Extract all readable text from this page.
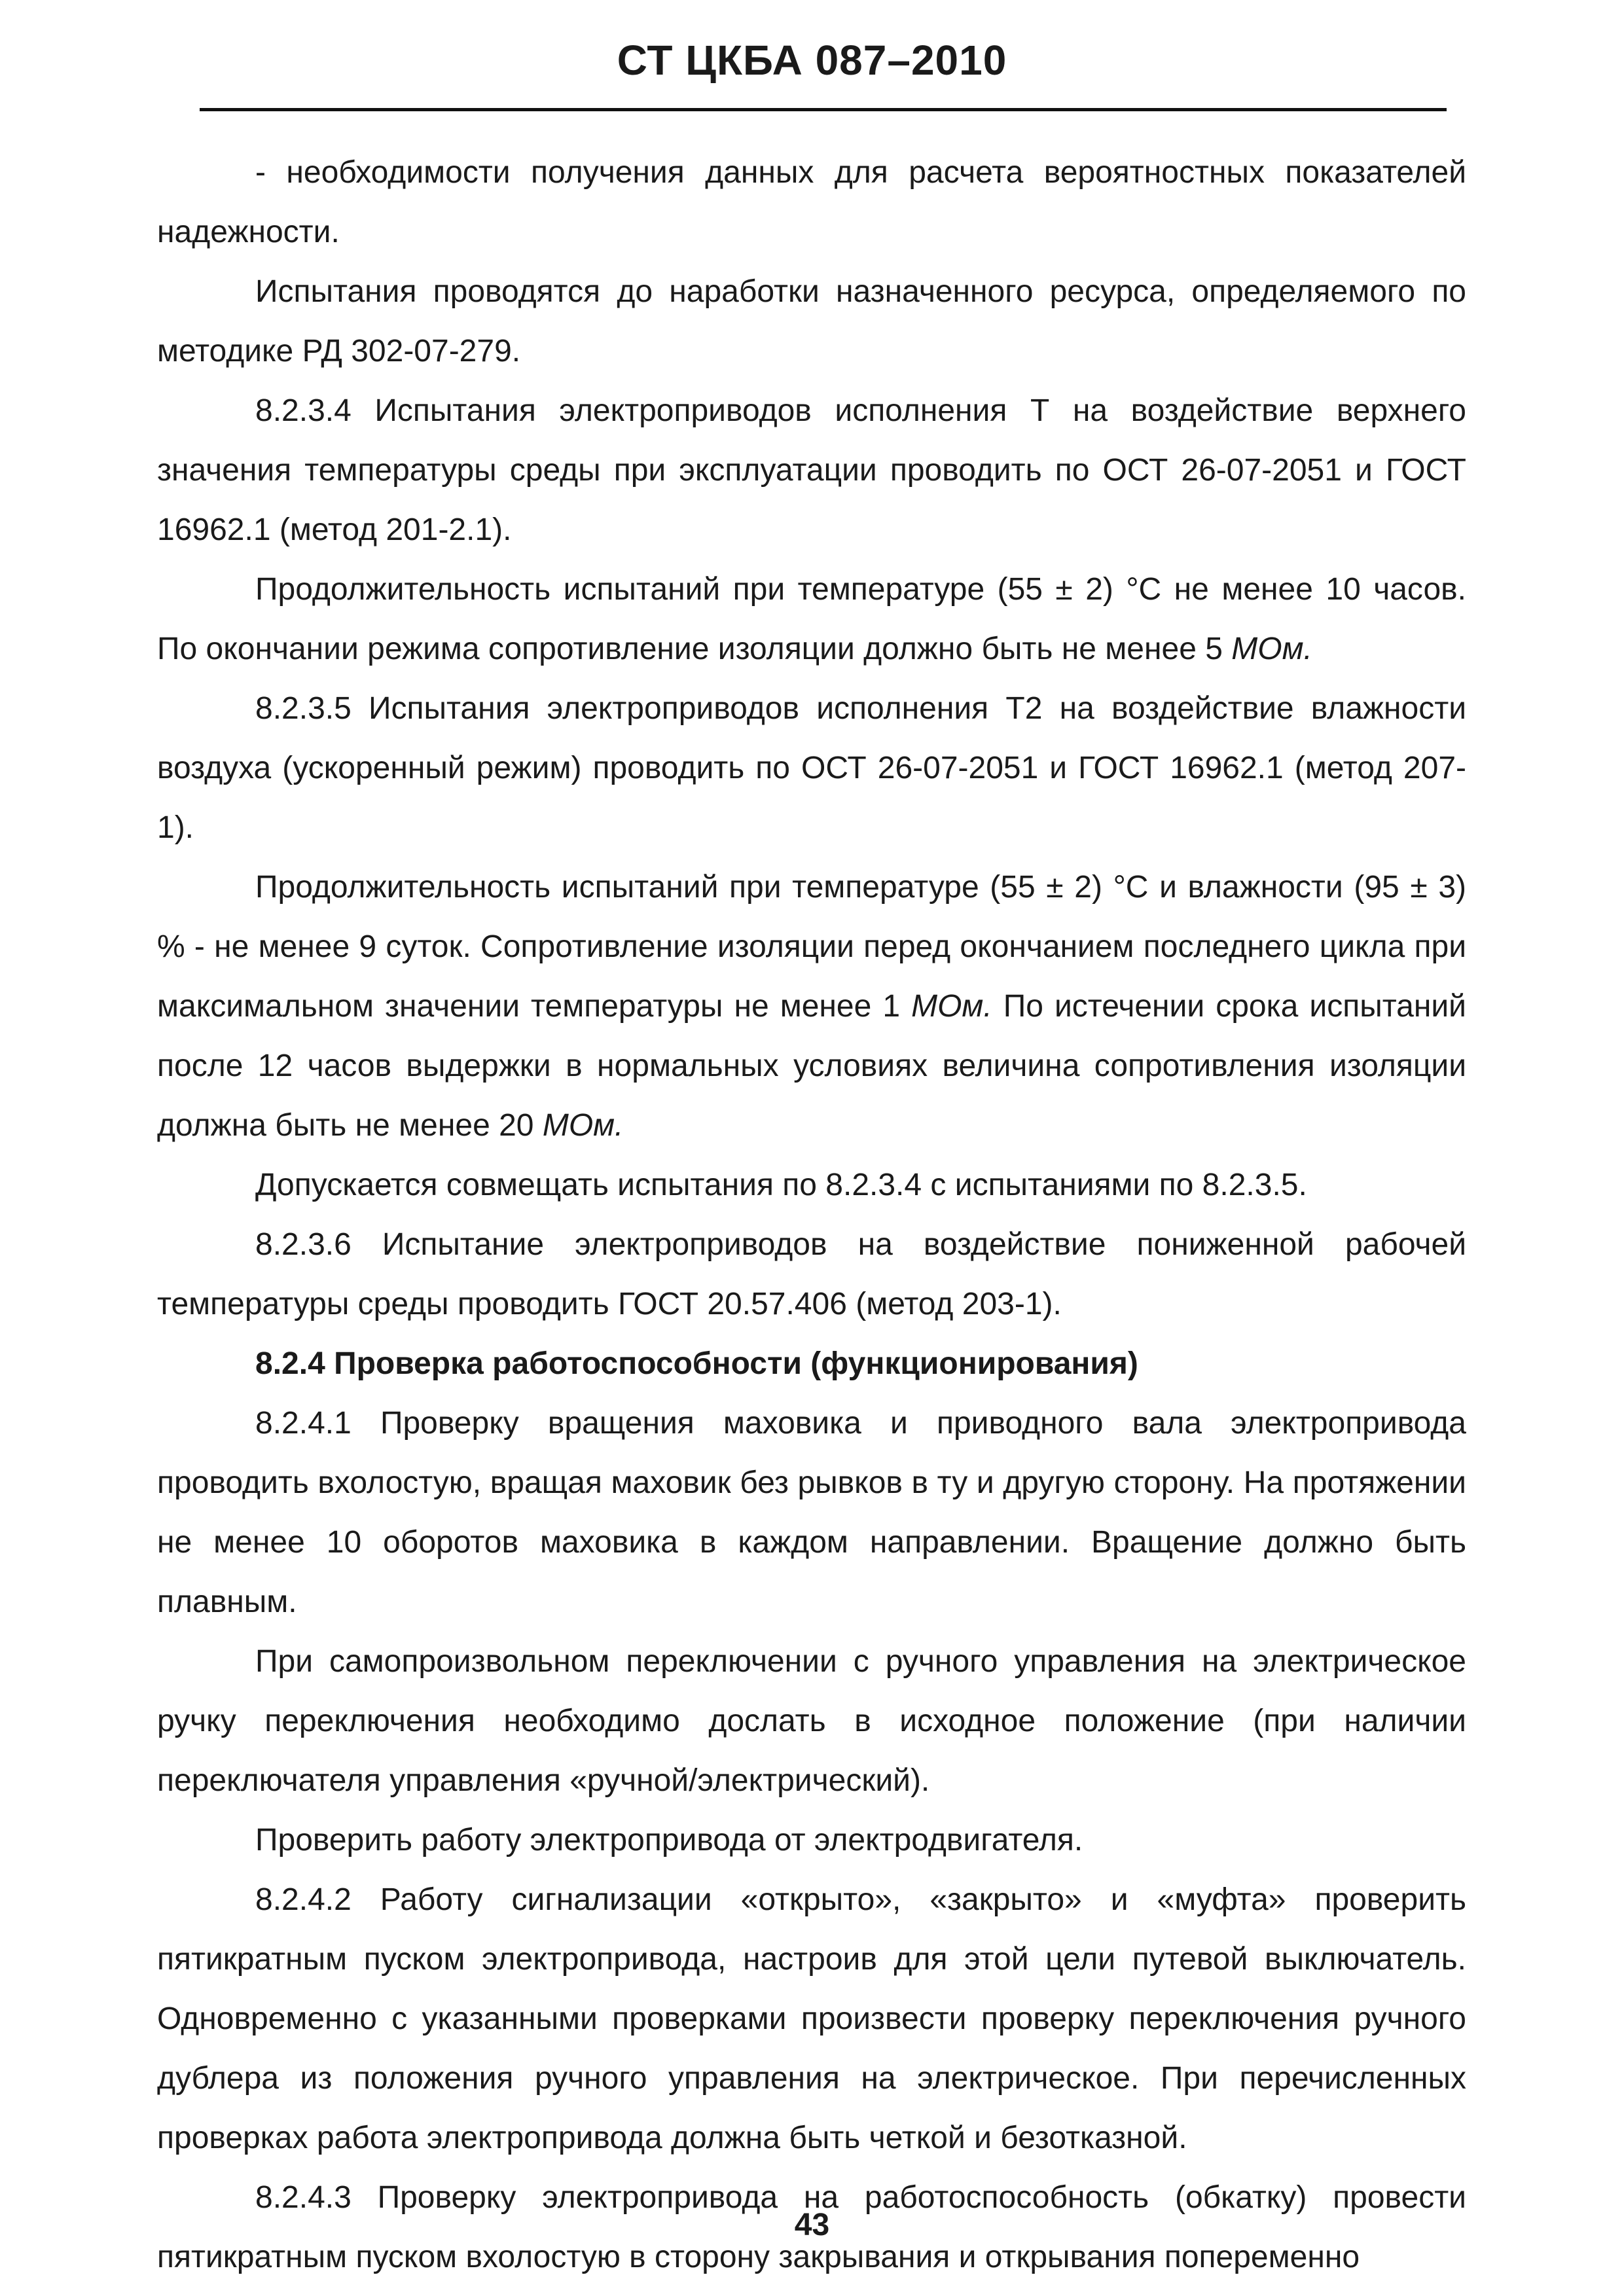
СТ ЦКБА 087–2010

- необходимости получения данных для расчета вероятностных показателей надежности.

Испытания проводятся до наработки назначенного ресурса, определяемого по методике РД 302-07-279.

8.2.3.4 Испытания электроприводов исполнения Т на воздействие верхнего значения температуры среды при эксплуатации проводить по ОСТ 26-07-2051 и ГОСТ 16962.1 (метод 201-2.1).

Продолжительность испытаний при температуре (55 ± 2) °С не менее 10 часов. По окончании режима сопротивление изоляции должно быть не менее 5 МОм.

8.2.3.5 Испытания электроприводов исполнения Т2 на воздействие влажности воздуха (ускоренный режим) проводить по ОСТ 26-07-2051 и ГОСТ 16962.1 (метод 207-1).

Продолжительность испытаний при температуре (55 ± 2) °С и влажности (95 ± 3) % - не менее 9 суток. Сопротивление изоляции перед окончанием последнего цикла при максимальном значении температуры не менее 1 МОм. По истечении срока испытаний после 12 часов выдержки в нормальных условиях величина сопротивления изоляции должна быть не менее 20 МОм.

Допускается совмещать испытания по 8.2.3.4 с испытаниями по 8.2.3.5.

8.2.3.6 Испытание электроприводов на воздействие пониженной рабочей температуры среды проводить ГОСТ 20.57.406 (метод 203-1).

8.2.4 Проверка работоспособности (функционирования)

8.2.4.1 Проверку вращения маховика и приводного вала электропривода проводить вхолостую, вращая маховик без рывков в ту и другую сторону. На протяжении не менее 10 оборотов маховика в каждом направлении. Вращение должно быть плавным.

При самопроизвольном переключении с ручного управления на электрическое ручку переключения необходимо дослать в исходное положение (при наличии переключателя управления «ручной/электрический).

Проверить работу электропривода от электродвигателя.

8.2.4.2 Работу сигнализации «открыто», «закрыто» и «муфта» проверить пятикратным пуском электропривода, настроив для этой цели путевой выключатель. Одновременно с указанными проверками произвести проверку переключения ручного дублера из положения ручного управления на электрическое. При перечисленных проверках работа электропривода должна быть четкой и безотказной.

8.2.4.3 Проверку электропривода на работоспособность (обкатку) провести пятикратным пуском вхолостую в сторону закрывания и открывания попеременно

43
